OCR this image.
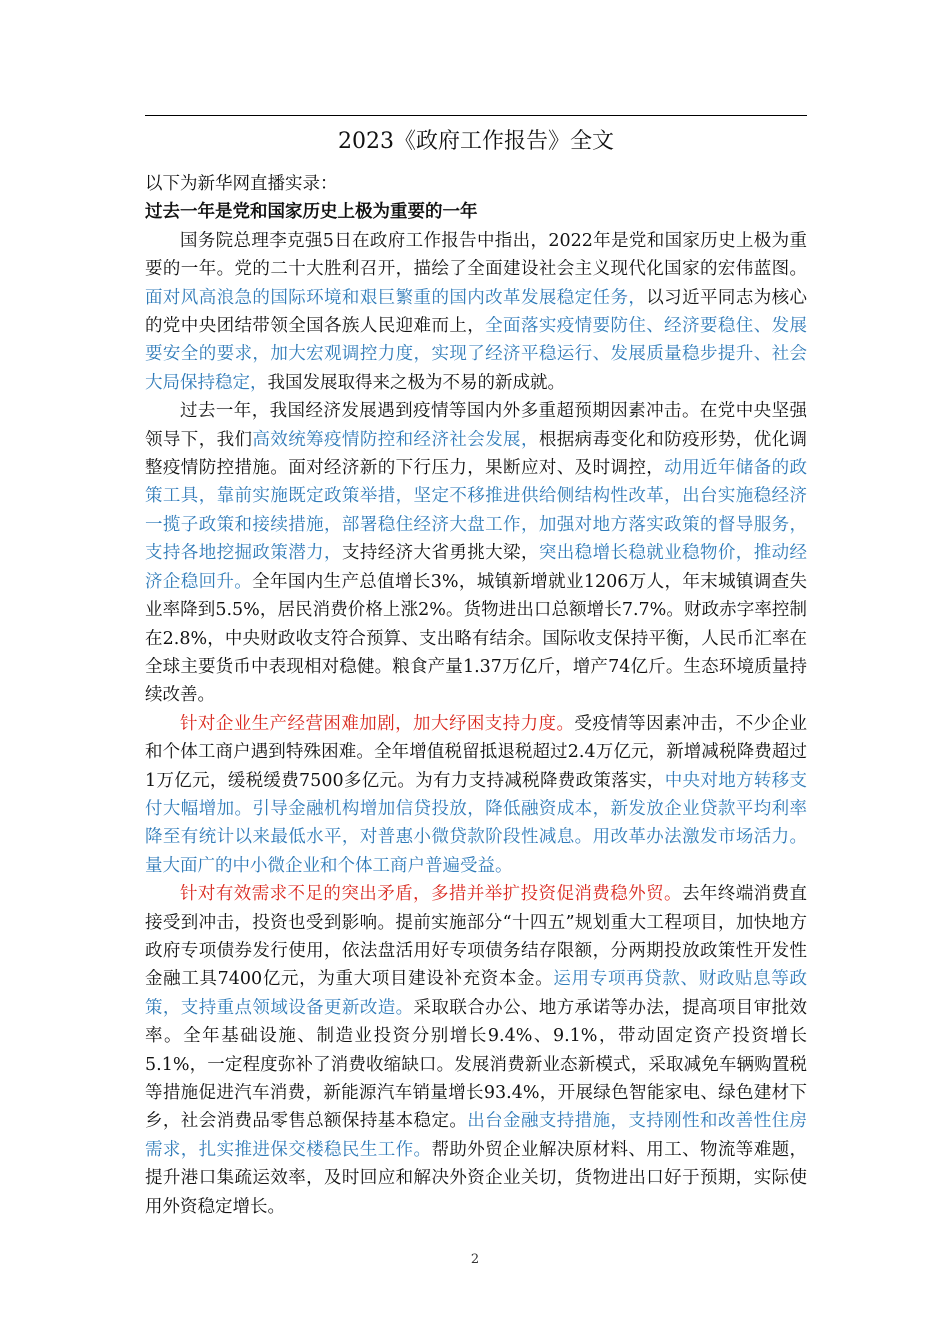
2023《政府工作报告》全文

以下为新华网直播实录：

过去一年是党和国家历史上极为重要的一年

国务院总理李克强5日在政府工作报告中指出，2022年是党和国家历史上极为重要的一年。党的二十大胜利召开，描绘了全面建设社会主义现代化国家的宏伟蓝图。面对风高浪急的国际环境和艰巨繁重的国内改革发展稳定任务，以习近平同志为核心的党中央团结带领全国各族人民迎难而上，全面落实疫情要防住、经济要稳住、发展要安全的要求，加大宏观调控力度，实现了经济平稳运行、发展质量稳步提升、社会大局保持稳定，我国发展取得来之极为不易的新成就。

过去一年，我国经济发展遇到疫情等国内外多重超预期因素冲击。在党中央坚强领导下，我们高效统筹疫情防控和经济社会发展，根据病毒变化和防疫形势，优化调整疫情防控措施。面对经济新的下行压力，果断应对、及时调控，动用近年储备的政策工具，靠前实施既定政策举措，坚定不移推进供给侧结构性改革，出台实施稳经济一揽子政策和接续措施，部署稳住经济大盘工作，加强对地方落实政策的督导服务，支持各地挖掘政策潜力，支持经济大省勇挑大梁，突出稳增长稳就业稳物价，推动经济企稳回升。全年国内生产总值增长3%，城镇新增就业1206万人，年末城镇调查失业率降到5.5%，居民消费价格上涨2%。货物进出口总额增长7.7%。财政赤字率控制在2.8%，中央财政收支符合预算、支出略有结余。国际收支保持平衡，人民币汇率在全球主要货币中表现相对稳健。粮食产量1.37万亿斤，增产74亿斤。生态环境质量持续改善。

针对企业生产经营困难加剧，加大纾困支持力度。受疫情等因素冲击，不少企业和个体工商户遇到特殊困难。全年增值税留抵退税超过2.4万亿元，新增减税降费超过1万亿元，缓税缓费7500多亿元。为有力支持减税降费政策落实，中央对地方转移支付大幅增加。引导金融机构增加信贷投放，降低融资成本，新发放企业贷款平均利率降至有统计以来最低水平，对普惠小微贷款阶段性减息。用改革办法激发市场活力。量大面广的中小微企业和个体工商户普遍受益。

针对有效需求不足的突出矛盾，多措并举扩投资促消费稳外贸。去年终端消费直接受到冲击，投资也受到影响。提前实施部分“十四五”规划重大工程项目，加快地方政府专项债券发行使用，依法盘活用好专项债务结存限额，分两期投放政策性开发性金融工具7400亿元，为重大项目建设补充资本金。运用专项再贷款、财政贴息等政策，支持重点领域设备更新改造。采取联合办公、地方承诺等办法，提高项目审批效率。全年基础设施、制造业投资分别增长9.4%、9.1%，带动固定资产投资增长5.1%，一定程度弥补了消费收缩缺口。发展消费新业态新模式，采取减免车辆购置税等措施促进汽车消费，新能源汽车销量增长93.4%，开展绿色智能家电、绿色建材下乡，社会消费品零售总额保持基本稳定。出台金融支持措施，支持刚性和改善性住房需求，扎实推进保交楼稳民生工作。帮助外贸企业解决原材料、用工、物流等难题，提升港口集疏运效率，及时回应和解决外资企业关切，货物进出口好于预期，实际使用外资稳定增长。

2
